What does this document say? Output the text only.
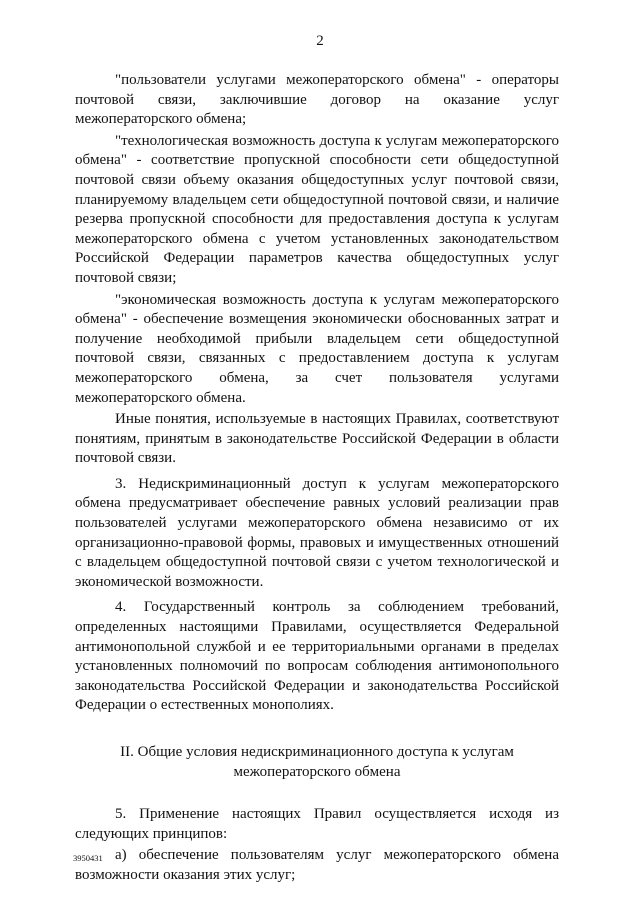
2

"пользователи услугами межоператорского обмена" - операторы почтовой связи, заключившие договор на оказание услуг межоператорского обмена;

"технологическая возможность доступа к услугам межоператорского обмена" - соответствие пропускной способности сети общедоступной почтовой связи объему оказания общедоступных услуг почтовой связи, планируемому владельцем сети общедоступной почтовой связи, и наличие резерва пропускной способности для предоставления доступа к услугам межоператорского обмена с учетом установленных законодательством Российской Федерации параметров качества общедоступных услуг почтовой связи;

"экономическая возможность доступа к услугам межоператорского обмена" - обеспечение возмещения экономически обоснованных затрат и получение необходимой прибыли владельцем сети общедоступной почтовой связи, связанных с предоставлением доступа к услугам межоператорского обмена, за счет пользователя услугами межоператорского обмена.

Иные понятия, используемые в настоящих Правилах, соответствуют понятиям, принятым в законодательстве Российской Федерации в области почтовой связи.

3. Недискриминационный доступ к услугам межоператорского обмена предусматривает обеспечение равных условий реализации прав пользователей услугами межоператорского обмена независимо от их организационно-правовой формы, правовых и имущественных отношений с владельцем общедоступной почтовой связи с учетом технологической и экономической возможности.

4. Государственный контроль за соблюдением требований, определенных настоящими Правилами, осуществляется Федеральной антимонопольной службой и ее территориальными органами в пределах установленных полномочий по вопросам соблюдения антимонопольного законодательства Российской Федерации и законодательства Российской Федерации о естественных монополиях.

II. Общие условия недискриминационного доступа к услугам
межоператорского обмена

5. Применение настоящих Правил осуществляется исходя из следующих принципов:

а) обеспечение пользователям услуг межоператорского обмена возможности оказания этих услуг;

3950431
